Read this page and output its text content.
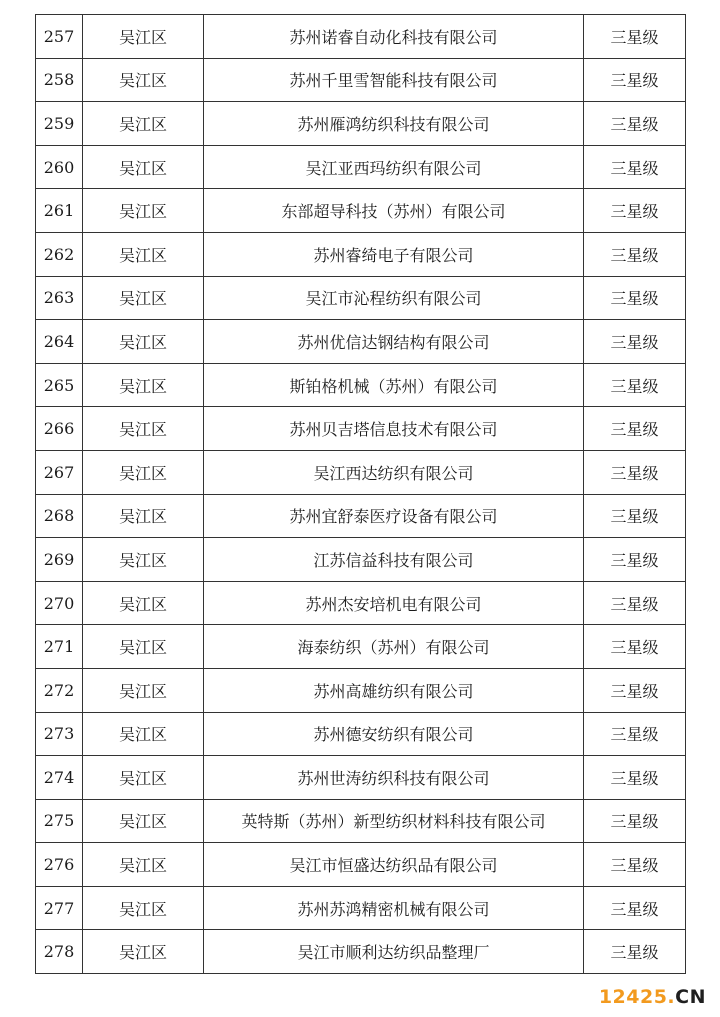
257	吴江区	苏州诺睿自动化科技有限公司	三星级
258	吴江区	苏州千里雪智能科技有限公司	三星级
259	吴江区	苏州雁鸿纺织科技有限公司	三星级
260	吴江区	吴江亚西玛纺织有限公司	三星级
261	吴江区	东部超导科技（苏州）有限公司	三星级
262	吴江区	苏州睿绮电子有限公司	三星级
263	吴江区	吴江市沁程纺织有限公司	三星级
264	吴江区	苏州优信达钢结构有限公司	三星级
265	吴江区	斯铂格机械（苏州）有限公司	三星级
266	吴江区	苏州贝吉塔信息技术有限公司	三星级
267	吴江区	吴江西达纺织有限公司	三星级
268	吴江区	苏州宜舒泰医疗设备有限公司	三星级
269	吴江区	江苏信益科技有限公司	三星级
270	吴江区	苏州杰安培机电有限公司	三星级
271	吴江区	海泰纺织（苏州）有限公司	三星级
272	吴江区	苏州高雄纺织有限公司	三星级
273	吴江区	苏州德安纺织有限公司	三星级
274	吴江区	苏州世涛纺织科技有限公司	三星级
275	吴江区	英特斯（苏州）新型纺织材料科技有限公司	三星级
276	吴江区	吴江市恒盛达纺织品有限公司	三星级
277	吴江区	苏州苏鸿精密机械有限公司	三星级
278	吴江区	吴江市顺利达纺织品整理厂	三星级
12425.CN
